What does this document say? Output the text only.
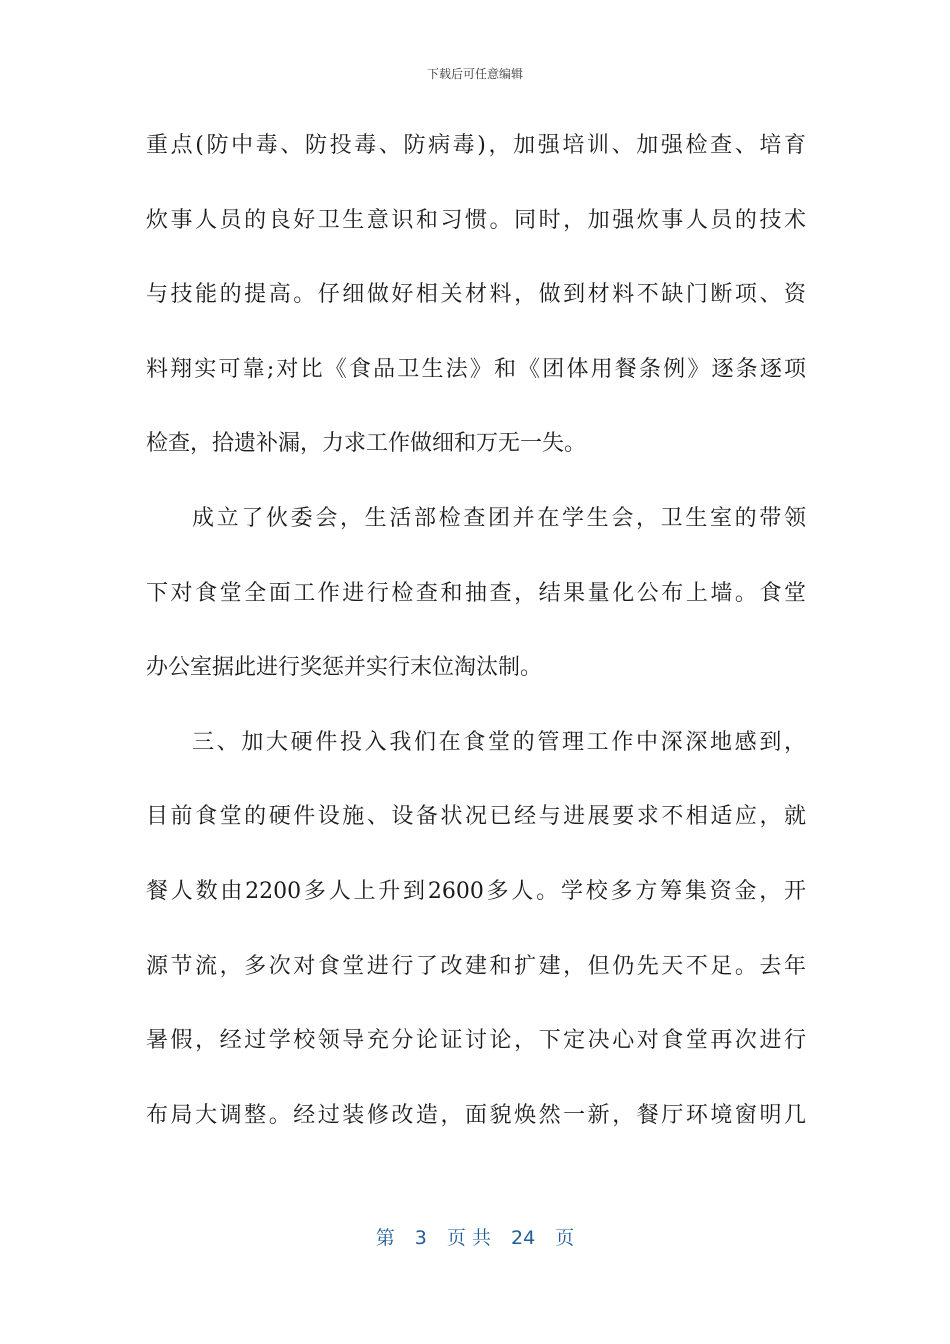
下载后可任意编辑
重点(防中毒、防投毒、防病毒)，加强培训、加强检查、培育
炊事人员的良好卫生意识和习惯。同时，加强炊事人员的技术
与技能的提高。仔细做好相关材料，做到材料不缺门断项、资
料翔实可靠;对比《食品卫生法》和《团体用餐条例》逐条逐项
检查，拾遗补漏，力求工作做细和万无一失。
成立了伙委会，生活部检查团并在学生会，卫生室的带领
下对食堂全面工作进行检查和抽查，结果量化公布上墙。食堂
办公室据此进行奖惩并实行末位淘汰制。
三、加大硬件投入我们在食堂的管理工作中深深地感到，
目前食堂的硬件设施、设备状况已经与进展要求不相适应，就
餐人数由2200多人上升到2600多人。学校多方筹集资金，开
源节流，多次对食堂进行了改建和扩建，但仍先天不足。去年
暑假，经过学校领导充分论证讨论，下定决心对食堂再次进行
布局大调整。经过装修改造，面貌焕然一新，餐厅环境窗明几
第 3 页 共 24 页
